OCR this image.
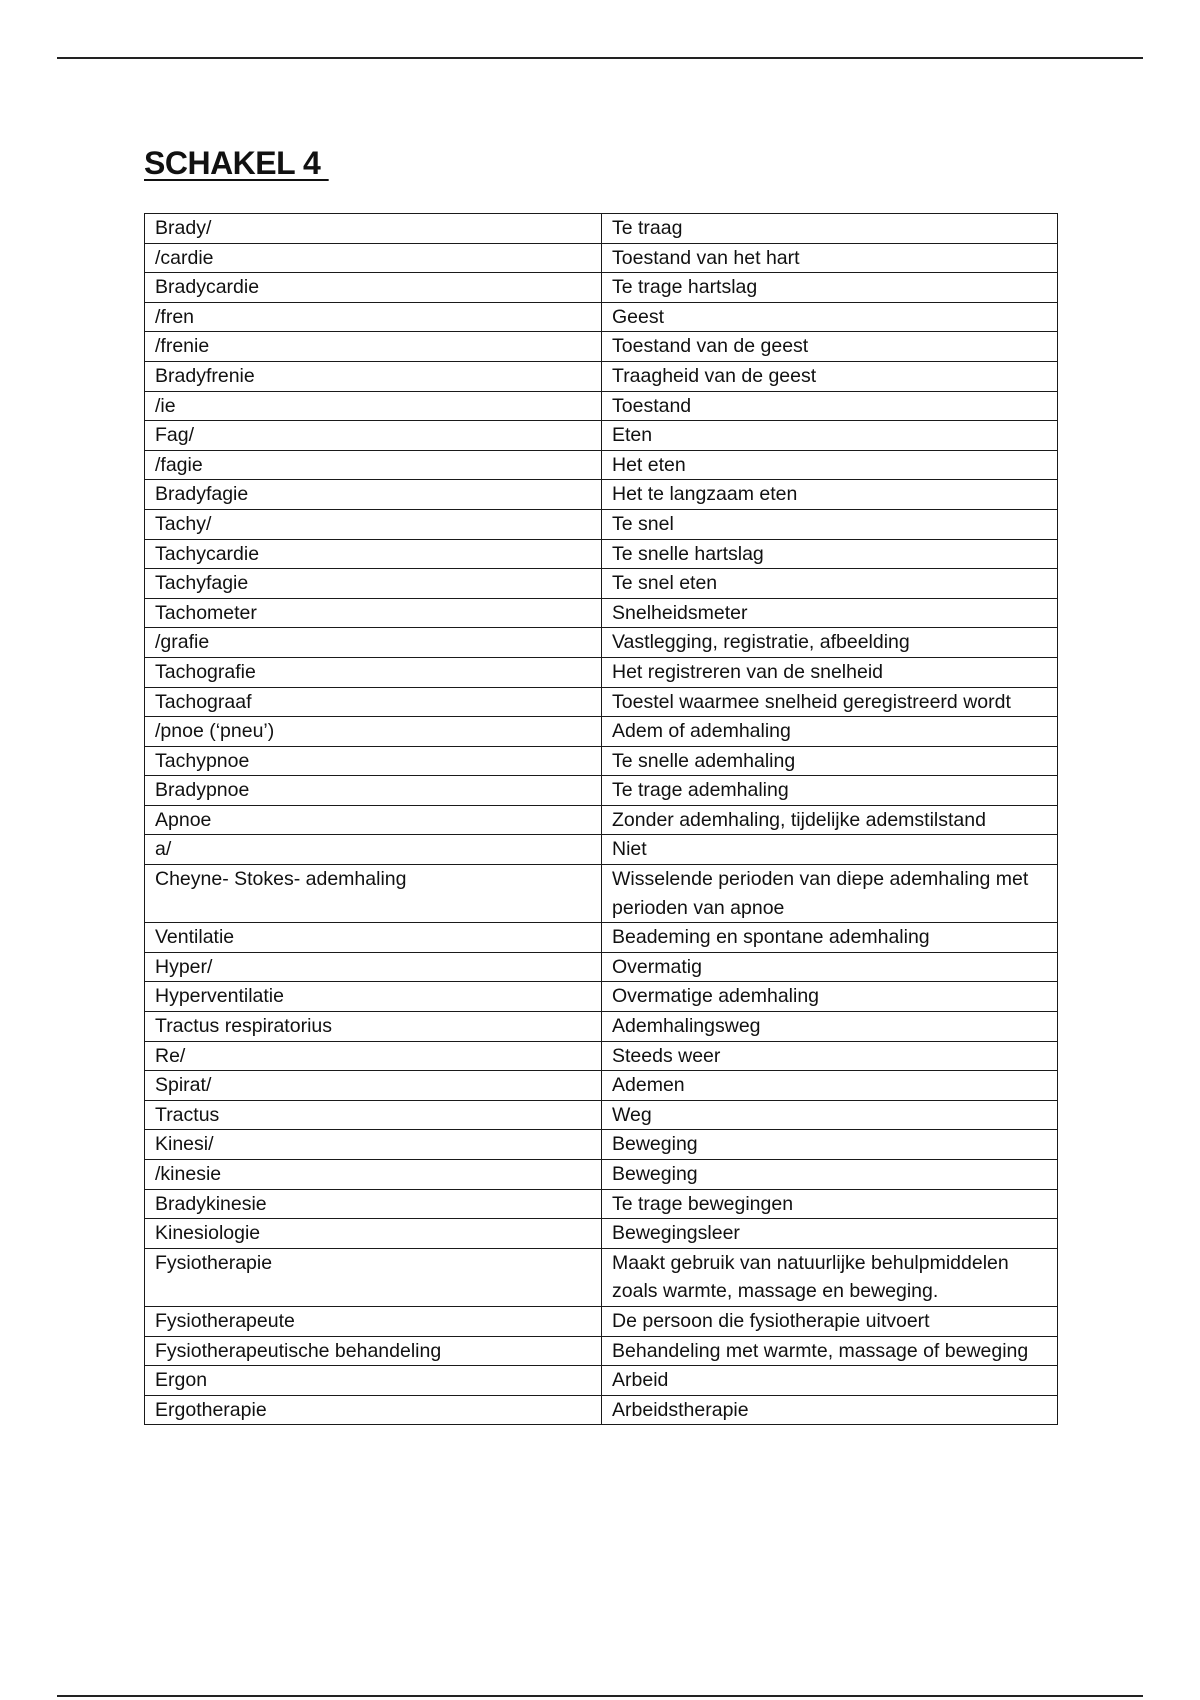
SCHAKEL 4
Brady/	Te traag
/cardie	Toestand van het hart
Bradycardie	Te trage hartslag
/fren	Geest
/frenie	Toestand van de geest
Bradyfrenie	Traagheid van de geest
/ie	Toestand
Fag/	Eten
/fagie	Het eten
Bradyfagie	Het te langzaam eten
Tachy/	Te snel
Tachycardie	Te snelle hartslag
Tachyfagie	Te snel eten
Tachometer	Snelheidsmeter
/grafie	Vastlegging, registratie, afbeelding
Tachografie	Het registreren van de snelheid
Tachograaf	Toestel waarmee snelheid geregistreerd wordt
/pnoe (‘pneu’)	Adem of ademhaling
Tachypnoe	Te snelle ademhaling
Bradypnoe	Te trage ademhaling
Apnoe	Zonder ademhaling, tijdelijke ademstilstand
a/	Niet
Cheyne- Stokes- ademhaling	Wisselende perioden van diepe ademhaling met perioden van apnoe
Ventilatie	Beademing en spontane ademhaling
Hyper/	Overmatig
Hyperventilatie	Overmatige ademhaling
Tractus respiratorius	Ademhalingsweg
Re/	Steeds weer
Spirat/	Ademen
Tractus	Weg
Kinesi/	Beweging
/kinesie	Beweging
Bradykinesie	Te trage bewegingen
Kinesiologie	Bewegingsleer
Fysiotherapie	Maakt gebruik van natuurlijke behulpmiddelen zoals warmte, massage en beweging.
Fysiotherapeute	De persoon die fysiotherapie uitvoert
Fysiotherapeutische behandeling	Behandeling met warmte, massage of beweging
Ergon	Arbeid
Ergotherapie	Arbeidstherapie
